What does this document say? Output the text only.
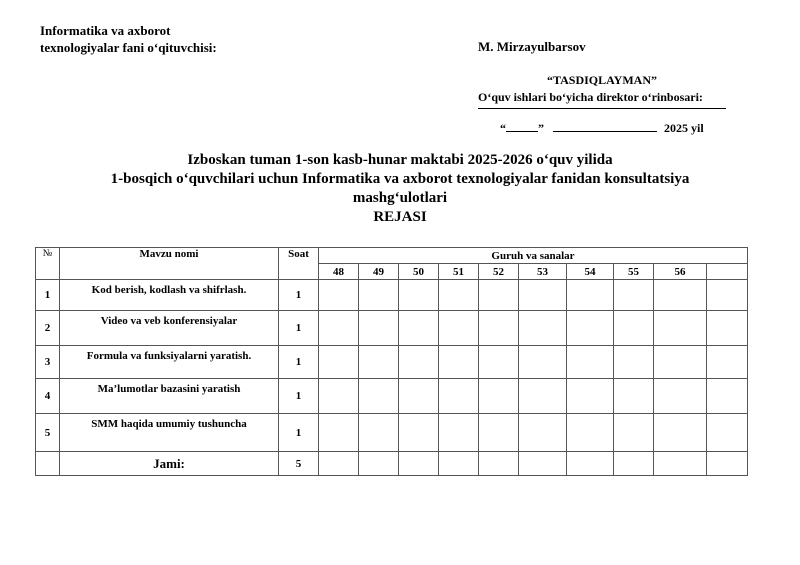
Informatika va axborot
texnologiyalar fani o‘qituvchisi:	M. Mirzayulbarsov
“TASDIQLAYMAN”
O‘quv ishlari bo‘yicha direktor o‘rinbosari:
“	”	2025 yil
Izboskan tuman 1-son kasb-hunar maktabi 2025-2026 o‘quv yilida
1-bosqich o‘quvchilari uchun Informatika va axborot texnologiyalar fanidan konsultatsiya
mashg‘ulotlari
REJASI
№	Mavzu nomi	Soat	Guruh va sanalar									
			48	49	50	51	52	53	54	55	56	
1	Kod berish, kodlash va shifrlash.	1										
2	Video va veb konferensiyalar	1										
3	Formula va funksiyalarni yaratish.	1										
4	Ma’lumotlar bazasini yaratish	1										
5	SMM haqida umumiy tushuncha	1										
	Jami:	5										
